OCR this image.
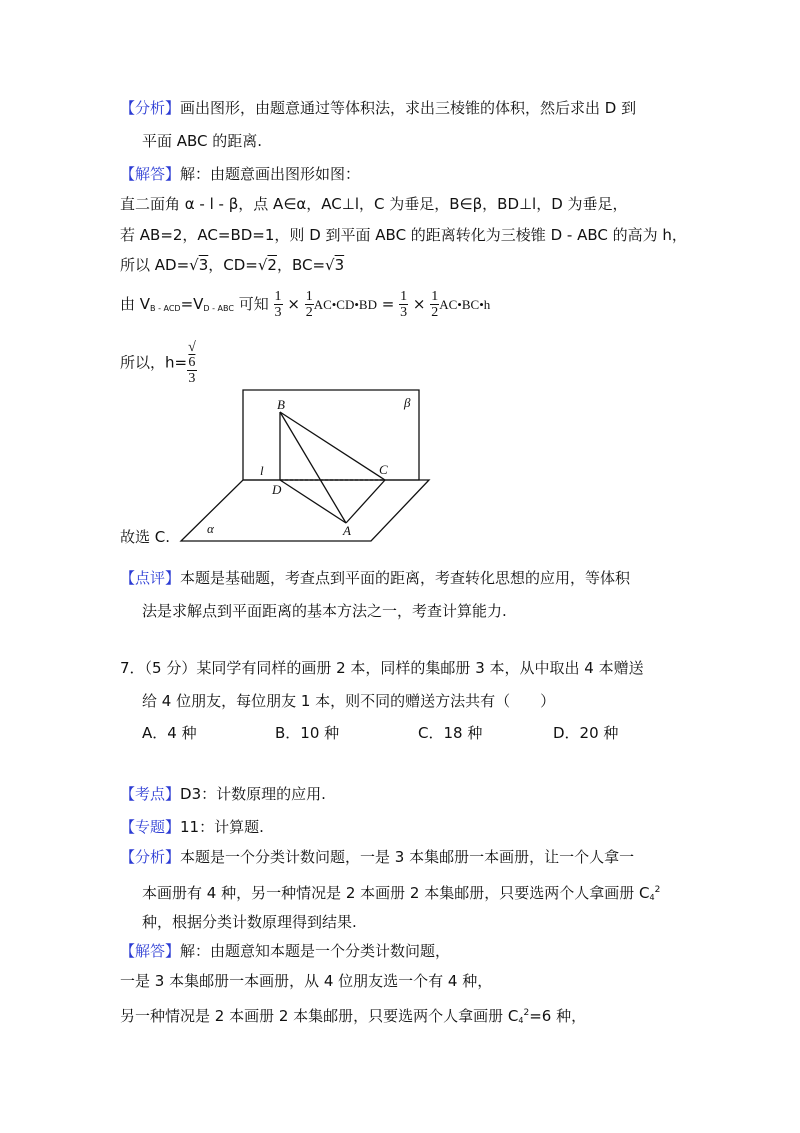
【分析】画出图形，由题意通过等体积法，求出三棱锥的体积，然后求出 D 到
平面 ABC 的距离.
【解答】解：由题意画出图形如图：
直二面角 α - l - β，点 A∈α，AC⊥l，C 为垂足，B∈β，BD⊥l，D 为垂足，
若 AB=2，AC=BD=1，则 D 到平面 ABC 的距离转化为三棱锥 D - ABC 的高为 h，
所以 AD=√3，CD=√2，BC=√3
由 $V_{B - ACD}=V_{D - ABC}$ 可知 $\frac{1}{3} \times \frac{1}{2}$ AC•CD•BD = $\frac{1}{3} \times \frac{1}{2}$ AC•BC•h
所以，h= √
6
3
B	β
l	C
D
A
α
故选 C.
【点评】本题是基础题，考查点到平面的距离，考查转化思想的应用，等体积
法是求解点到平面距离的基本方法之一，考查计算能力.
7．（5 分）某同学有同样的画册 2 本，同样的集邮册 3 本，从中取出 4 本赠送
给 4 位朋友，每位朋友 1 本，则不同的赠送方法共有（　　）
A．4 种	B．10 种	C．18 种	D．20 种
【考点】D3：计数原理的应用.
【专题】11：计算题.
【分析】本题是一个分类计数问题，一是 3 本集邮册一本画册，让一个人拿一
本画册有 4 种，另一种情况是 2 本画册 2 本集邮册，只要选两个人拿画册 $C_4^2$
种，根据分类计数原理得到结果.
【解答】解：由题意知本题是一个分类计数问题，
一是 3 本集邮册一本画册，从 4 位朋友选一个有 4 种，
另一种情况是 2 本画册 2 本集邮册，只要选两个人拿画册 $C_4^2=6$ 种，
